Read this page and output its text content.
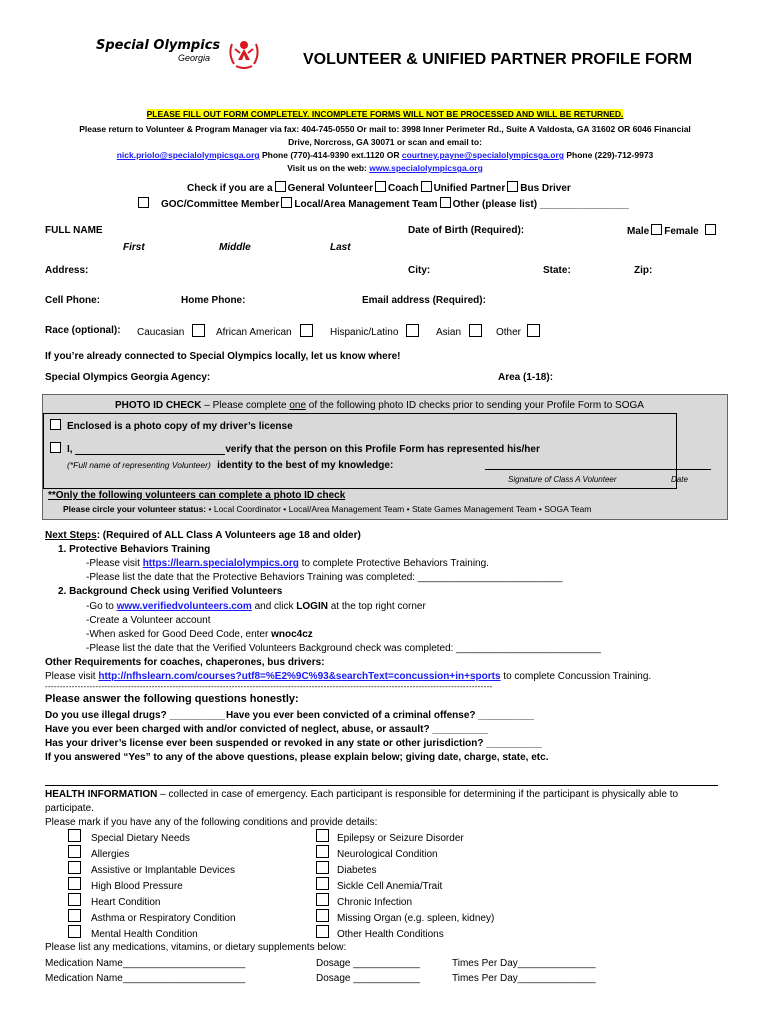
Special Olympics
Georgia	VOLUNTEER & UNIFIED PARTNER PROFILE FORM
PLEASE FILL OUT FORM COMPLETELY. INCOMPLETE FORMS WILL NOT BE PROCESSED AND WILL BE RETURNED.
Please return to Volunteer & Program Manager via fax: 404-745-0550 Or mail to: 3998 Inner Perimeter Rd., Suite A Valdosta, GA 31602 OR 6046 Financial
Drive, Norcross, GA 30071 or scan and email to:
nick.priolo@specialolympicsga.org Phone (770)-414-9390 ext.1120 OR courtney.payne@specialolympicsga.org Phone (229)-712-9973
Visit us on the web: www.specialolympicsga.org
Check if you are a General Volunteer Coach Unified Partner Bus Driver
GOC/Committee Member Local/Area Management Team Other (please list) ________________
FULL NAME	Date of Birth (Required):	Male Female
First	Middle	Last
Address:	City:	State:	Zip:
Cell Phone:	Home Phone:	Email address (Required):
Race (optional): Caucasian	African American	Hispanic/Latino	Asian	Other
If you’re already connected to Special Olympics locally, let us know where!
Special Olympics Georgia Agency:	Area (1-18):
PHOTO ID CHECK – Please complete one of the following photo ID checks prior to sending your Profile Form to SOGA
Enclosed is a photo copy of my driver’s license
I,	verify that the person on this Profile Form has represented his/her
(*Full name of representing Volunteer) identity to the best of my knowledge:
Signature of Class A Volunteer	Date
**Only the following volunteers can complete a photo ID check
Please circle your volunteer status: • Local Coordinator • Local/Area Management Team • State Games Management Team • SOGA Team
Next Steps: (Required of ALL Class A Volunteers age 18 and older)
1. Protective Behaviors Training
-Please visit https://learn.specialolympics.org to complete Protective Behaviors Training.
-Please list the date that the Protective Behaviors Training was completed: __________________________
2. Background Check using Verified Volunteers
-Go to www.verifiedvolunteers.com and click LOGIN at the top right corner
-Create a Volunteer account
-When asked for Good Deed Code, enter wnoc4cz
-Please list the date that the Verified Volunteers Background check was completed: __________________________
Other Requirements for coaches, chaperones, bus drivers:
Please visit http://nfhslearn.com/courses?utf8=%E2%9C%93&searchText=concussion+in+sports to complete Concussion Training.
-------------------------------------------------------------------------------------------------------------------------------------------------------
Please answer the following questions honestly:
Do you use illegal drugs? __________ Have you ever been convicted of a criminal offense? __________
Have you ever been charged with and/or convicted of neglect, abuse, or assault? __________
Has your driver’s license ever been suspended or revoked in any state or other jurisdiction? __________
If you answered “Yes” to any of the above questions, please explain below; giving date, charge, state, etc.
HEALTH INFORMATION – collected in case of emergency. Each participant is responsible for determining if the participant is physically able to
participate.
Please mark if you have any of the following conditions and provide details:
Special Dietary Needs
Allergies
Assistive or Implantable Devices
High Blood Pressure
Heart Condition
Asthma or Respiratory Condition
Mental Health Condition
Epilepsy or Seizure Disorder
Neurological Condition
Diabetes
Sickle Cell Anemia/Trait
Chronic Infection
Missing Organ (e.g. spleen, kidney)
Other Health Conditions
Please list any medications, vitamins, or dietary supplements below:
Medication Name______________________	Dosage ____________	Times Per Day______________
Medication Name______________________	Dosage ____________	Times Per Day______________
